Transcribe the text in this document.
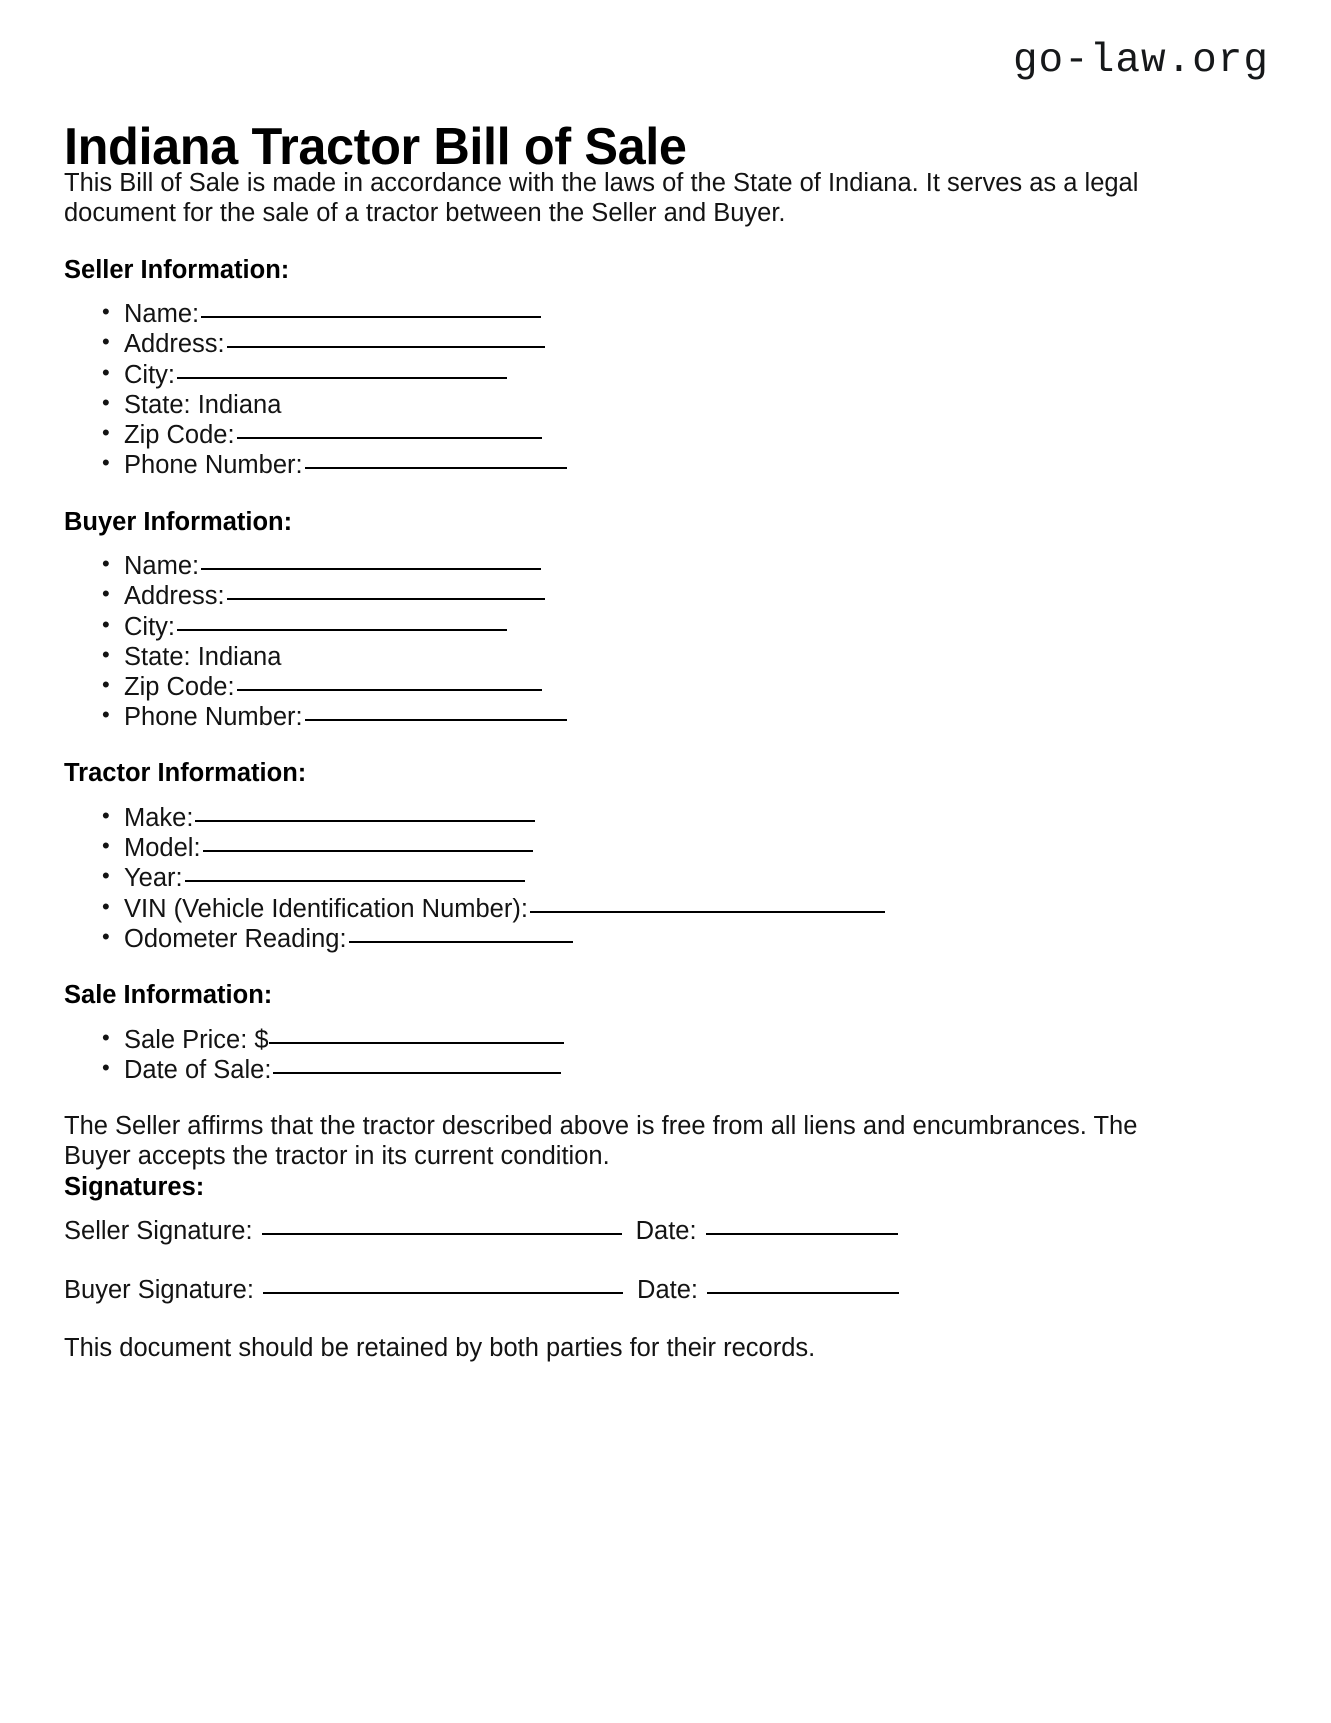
go-law.org
Indiana Tractor Bill of Sale

This Bill of Sale is made in accordance with the laws of the State of Indiana. It serves as a legal document for the sale of a tractor between the Seller and Buyer.

Seller Information:
• Name:
• Address:
• City:
• State: Indiana
• Zip Code:
• Phone Number:
Buyer Information:
• Name:
• Address:
• City:
• State: Indiana
• Zip Code:
• Phone Number:
Tractor Information:
• Make:
• Model:
• Year:
• VIN (Vehicle Identification Number):
• Odometer Reading:
Sale Information:
• Sale Price: $
• Date of Sale:

The Seller affirms that the tractor described above is free from all liens and encumbrances. The Buyer accepts the tractor in its current condition.

Signatures:
Seller Signature:	Date:
Buyer Signature:	Date:

This document should be retained by both parties for their records.
